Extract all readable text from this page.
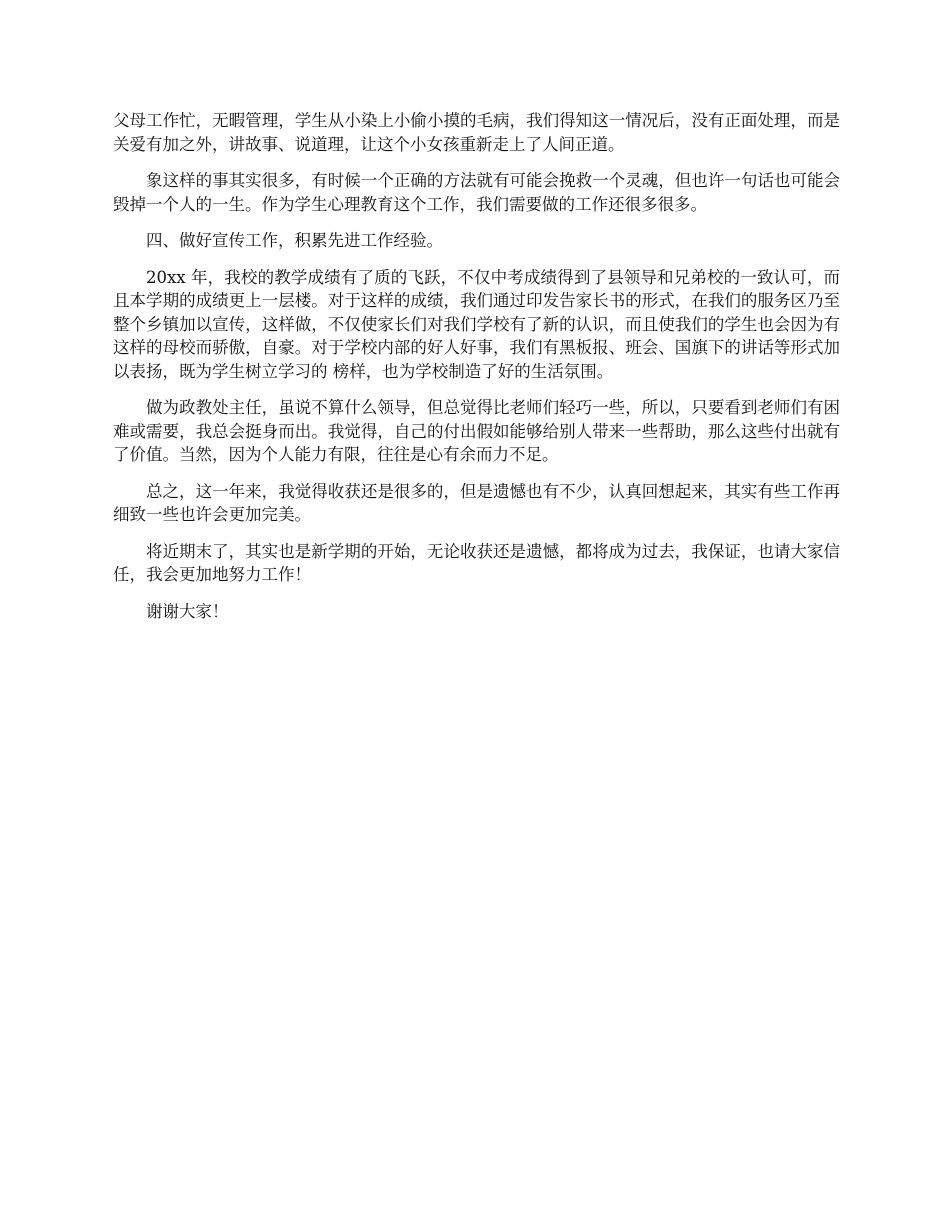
父母工作忙，无暇管理，学生从小染上小偷小摸的毛病，我们得知这一情况后，没有正面处理，而是关爱有加之外，讲故事、说道理，让这个小女孩重新走上了人间正道。

象这样的事其实很多，有时候一个正确的方法就有可能会挽救一个灵魂，但也许一句话也可能会毁掉一个人的一生。作为学生心理教育这个工作，我们需要做的工作还很多很多。

四、做好宣传工作，积累先进工作经验。

20xx 年，我校的教学成绩有了质的飞跃，不仅中考成绩得到了县领导和兄弟校的一致认可，而且本学期的成绩更上一层楼。对于这样的成绩，我们通过印发告家长书的形式，在我们的服务区乃至整个乡镇加以宣传，这样做，不仅使家长们对我们学校有了新的认识，而且使我们的学生也会因为有这样的母校而骄傲，自豪。对于学校内部的好人好事，我们有黑板报、班会、国旗下的讲话等形式加以表扬，既为学生树立学习的 榜样，也为学校制造了好的生活氛围。

做为政教处主任，虽说不算什么领导，但总觉得比老师们轻巧一些，所以，只要看到老师们有困难或需要，我总会挺身而出。我觉得，自己的付出假如能够给别人带来一些帮助，那么这些付出就有了价值。当然，因为个人能力有限，往往是心有余而力不足。

总之，这一年来，我觉得收获还是很多的，但是遗憾也有不少，认真回想起来，其实有些工作再细致一些也许会更加完美。

将近期末了，其实也是新学期的开始，无论收获还是遗憾，都将成为过去，我保证，也请大家信任，我会更加地努力工作！

谢谢大家！
